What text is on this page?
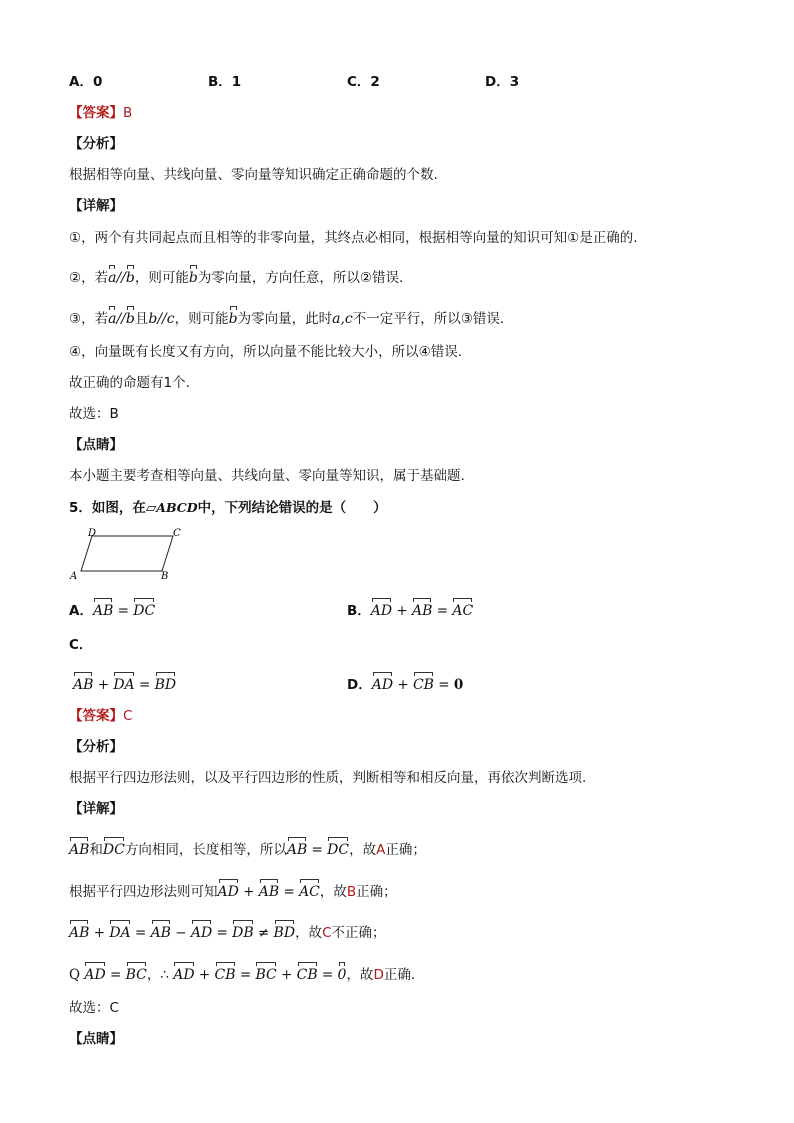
A．0	B．1	C．2	D．3
【答案】B
【分析】
根据相等向量、共线向量、零向量等知识确定正确命题的个数.
【详解】
①，两个有共同起点而且相等的非零向量，其终点必相同，根据相等向量的知识可知①是正确的.
②，若a//b，则可能b为零向量，方向任意，所以②错误.
③，若a//b且b//c，则可能b为零向量，此时a,c不一定平行，所以③错误.
④，向量既有长度又有方向，所以向量不能比较大小，所以④错误.
故正确的命题有1个.
故选：B
【点睛】
本小题主要考查相等向量、共线向量、零向量等知识，属于基础题.
5．如图，在▱ABCD中，下列结论错误的是（　　）
A	B
C
D
A．AB = DC	B．AD + AB = AC
C．
AB + DA = BD	D．AD + CB = 0
【答案】C
【分析】
根据平行四边形法则，以及平行四边形的性质，判断相等和相反向量，再依次判断选项.
【详解】
AB和DC方向相同，长度相等，所以AB = DC，故A正确；
根据平行四边形法则可知AD + AB = AC，故B正确；
AB + DA = AB − AD = DB ≠ BD，故C不正确；
Q AD = BC，∴ AD + CB = BC + CB = 0，故D正确.
故选：C
【点睛】
